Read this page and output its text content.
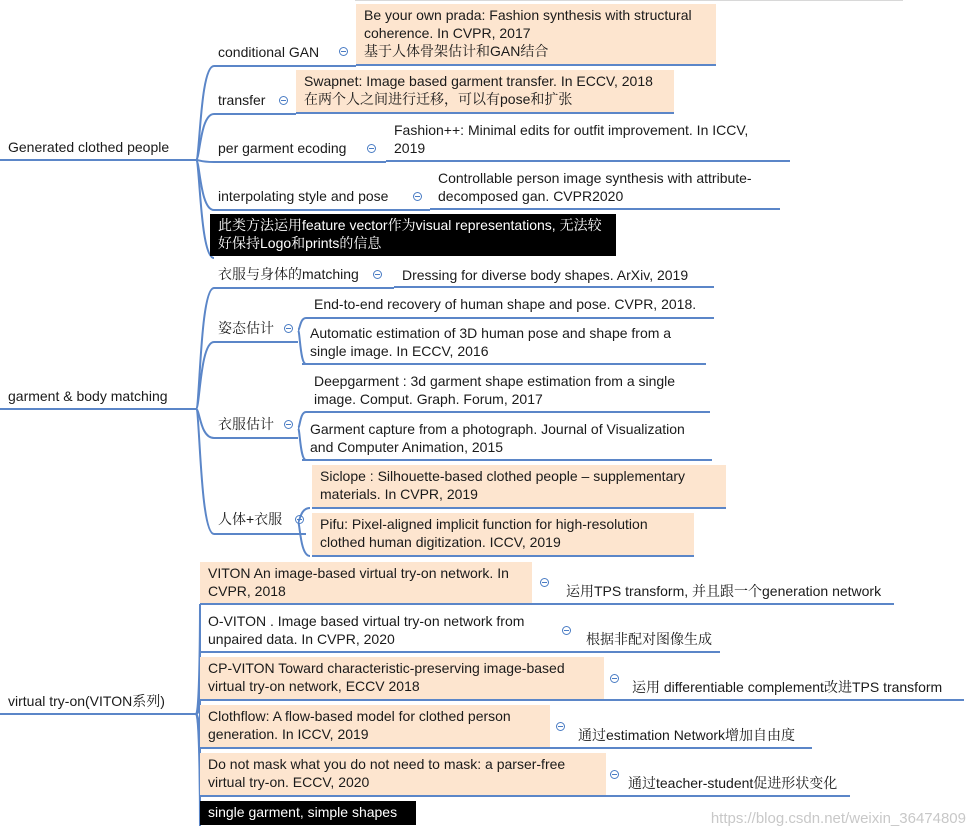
Generated clothed people
conditional GAN
Be your own prada: Fashion synthesis with structural
coherence. In CVPR, 2017
基于人体骨架估计和GAN结合
transfer
Swapnet: Image based garment transfer. In ECCV, 2018
在两个人之间进行迁移，可以有pose和扩张
per garment ecoding
Fashion++: Minimal edits for outfit improvement. In ICCV,
2019
interpolating style and pose
Controllable person image synthesis with attribute-
decomposed gan. CVPR2020
此类方法运用feature vector作为visual representations, 无法较
好保持Logo和prints的信息
garment & body matching
衣服与身体的matching	Dressing for diverse body shapes. ArXiv, 2019
姿态估计
End-to-end recovery of human shape and pose. CVPR, 2018.
Automatic estimation of 3D human pose and shape from a
single image. In ECCV, 2016
衣服估计
Deepgarment : 3d garment shape estimation from a single
image. Comput. Graph. Forum, 2017
Garment capture from a photograph. Journal of Visualization
and Computer Animation, 2015
人体+衣服
Siclope : Silhouette-based clothed people – supplementary
materials. In CVPR, 2019
Pifu: Pixel-aligned implicit function for high-resolution
clothed human digitization. ICCV, 2019
virtual try-on(VITON系列)
VITON An image-based virtual try-on network. In
CVPR, 2018	运用TPS transform, 并且跟一个generation network
O-VITON . Image based virtual try-on network from
unpaired data. In CVPR, 2020	根据非配对图像生成
CP-VITON Toward characteristic-preserving image-based
virtual try-on network, ECCV 2018	运用 differentiable complement改进TPS transform
Clothflow: A flow-based model for clothed person
generation. In ICCV, 2019	通过estimation Network增加自由度
Do not mask what you do not need to mask: a parser-free
virtual try-on. ECCV, 2020	通过teacher-student促进形状变化
single garment, simple shapes	https://blog.csdn.net/weixin_36474809
